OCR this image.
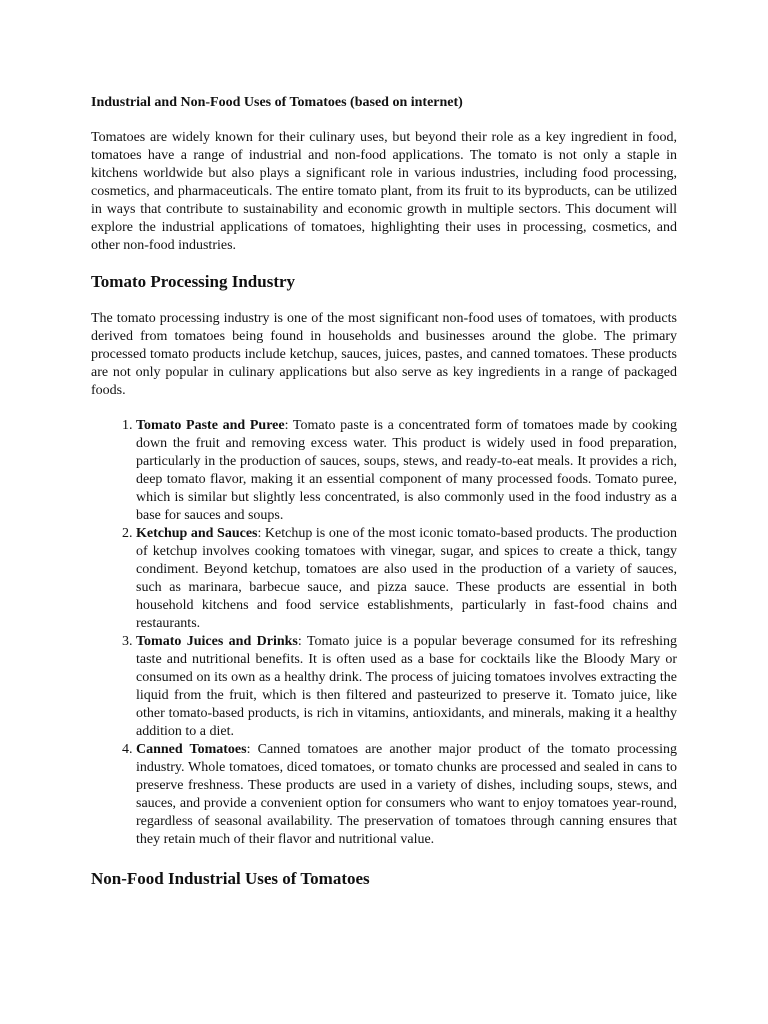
Industrial and Non-Food Uses of Tomatoes (based on internet)

Tomatoes are widely known for their culinary uses, but beyond their role as a key ingredient in food, tomatoes have a range of industrial and non-food applications. The tomato is not only a staple in kitchens worldwide but also plays a significant role in various industries, including food processing, cosmetics, and pharmaceuticals. The entire tomato plant, from its fruit to its byproducts, can be utilized in ways that contribute to sustainability and economic growth in multiple sectors. This document will explore the industrial applications of tomatoes, highlighting their uses in processing, cosmetics, and other non-food industries.

Tomato Processing Industry

The tomato processing industry is one of the most significant non-food uses of tomatoes, with products derived from tomatoes being found in households and businesses around the globe. The primary processed tomato products include ketchup, sauces, juices, pastes, and canned tomatoes. These products are not only popular in culinary applications but also serve as key ingredients in a range of packaged foods.

1. Tomato Paste and Puree: Tomato paste is a concentrated form of tomatoes made by cooking down the fruit and removing excess water. This product is widely used in food preparation, particularly in the production of sauces, soups, stews, and ready-to-eat meals. It provides a rich, deep tomato flavor, making it an essential component of many processed foods. Tomato puree, which is similar but slightly less concentrated, is also commonly used in the food industry as a base for sauces and soups.
2. Ketchup and Sauces: Ketchup is one of the most iconic tomato-based products. The production of ketchup involves cooking tomatoes with vinegar, sugar, and spices to create a thick, tangy condiment. Beyond ketchup, tomatoes are also used in the production of a variety of sauces, such as marinara, barbecue sauce, and pizza sauce. These products are essential in both household kitchens and food service establishments, particularly in fast-food chains and restaurants.
3. Tomato Juices and Drinks: Tomato juice is a popular beverage consumed for its refreshing taste and nutritional benefits. It is often used as a base for cocktails like the Bloody Mary or consumed on its own as a healthy drink. The process of juicing tomatoes involves extracting the liquid from the fruit, which is then filtered and pasteurized to preserve it. Tomato juice, like other tomato-based products, is rich in vitamins, antioxidants, and minerals, making it a healthy addition to a diet.
4. Canned Tomatoes: Canned tomatoes are another major product of the tomato processing industry. Whole tomatoes, diced tomatoes, or tomato chunks are processed and sealed in cans to preserve freshness. These products are used in a variety of dishes, including soups, stews, and sauces, and provide a convenient option for consumers who want to enjoy tomatoes year-round, regardless of seasonal availability. The preservation of tomatoes through canning ensures that they retain much of their flavor and nutritional value.
Non-Food Industrial Uses of Tomatoes
